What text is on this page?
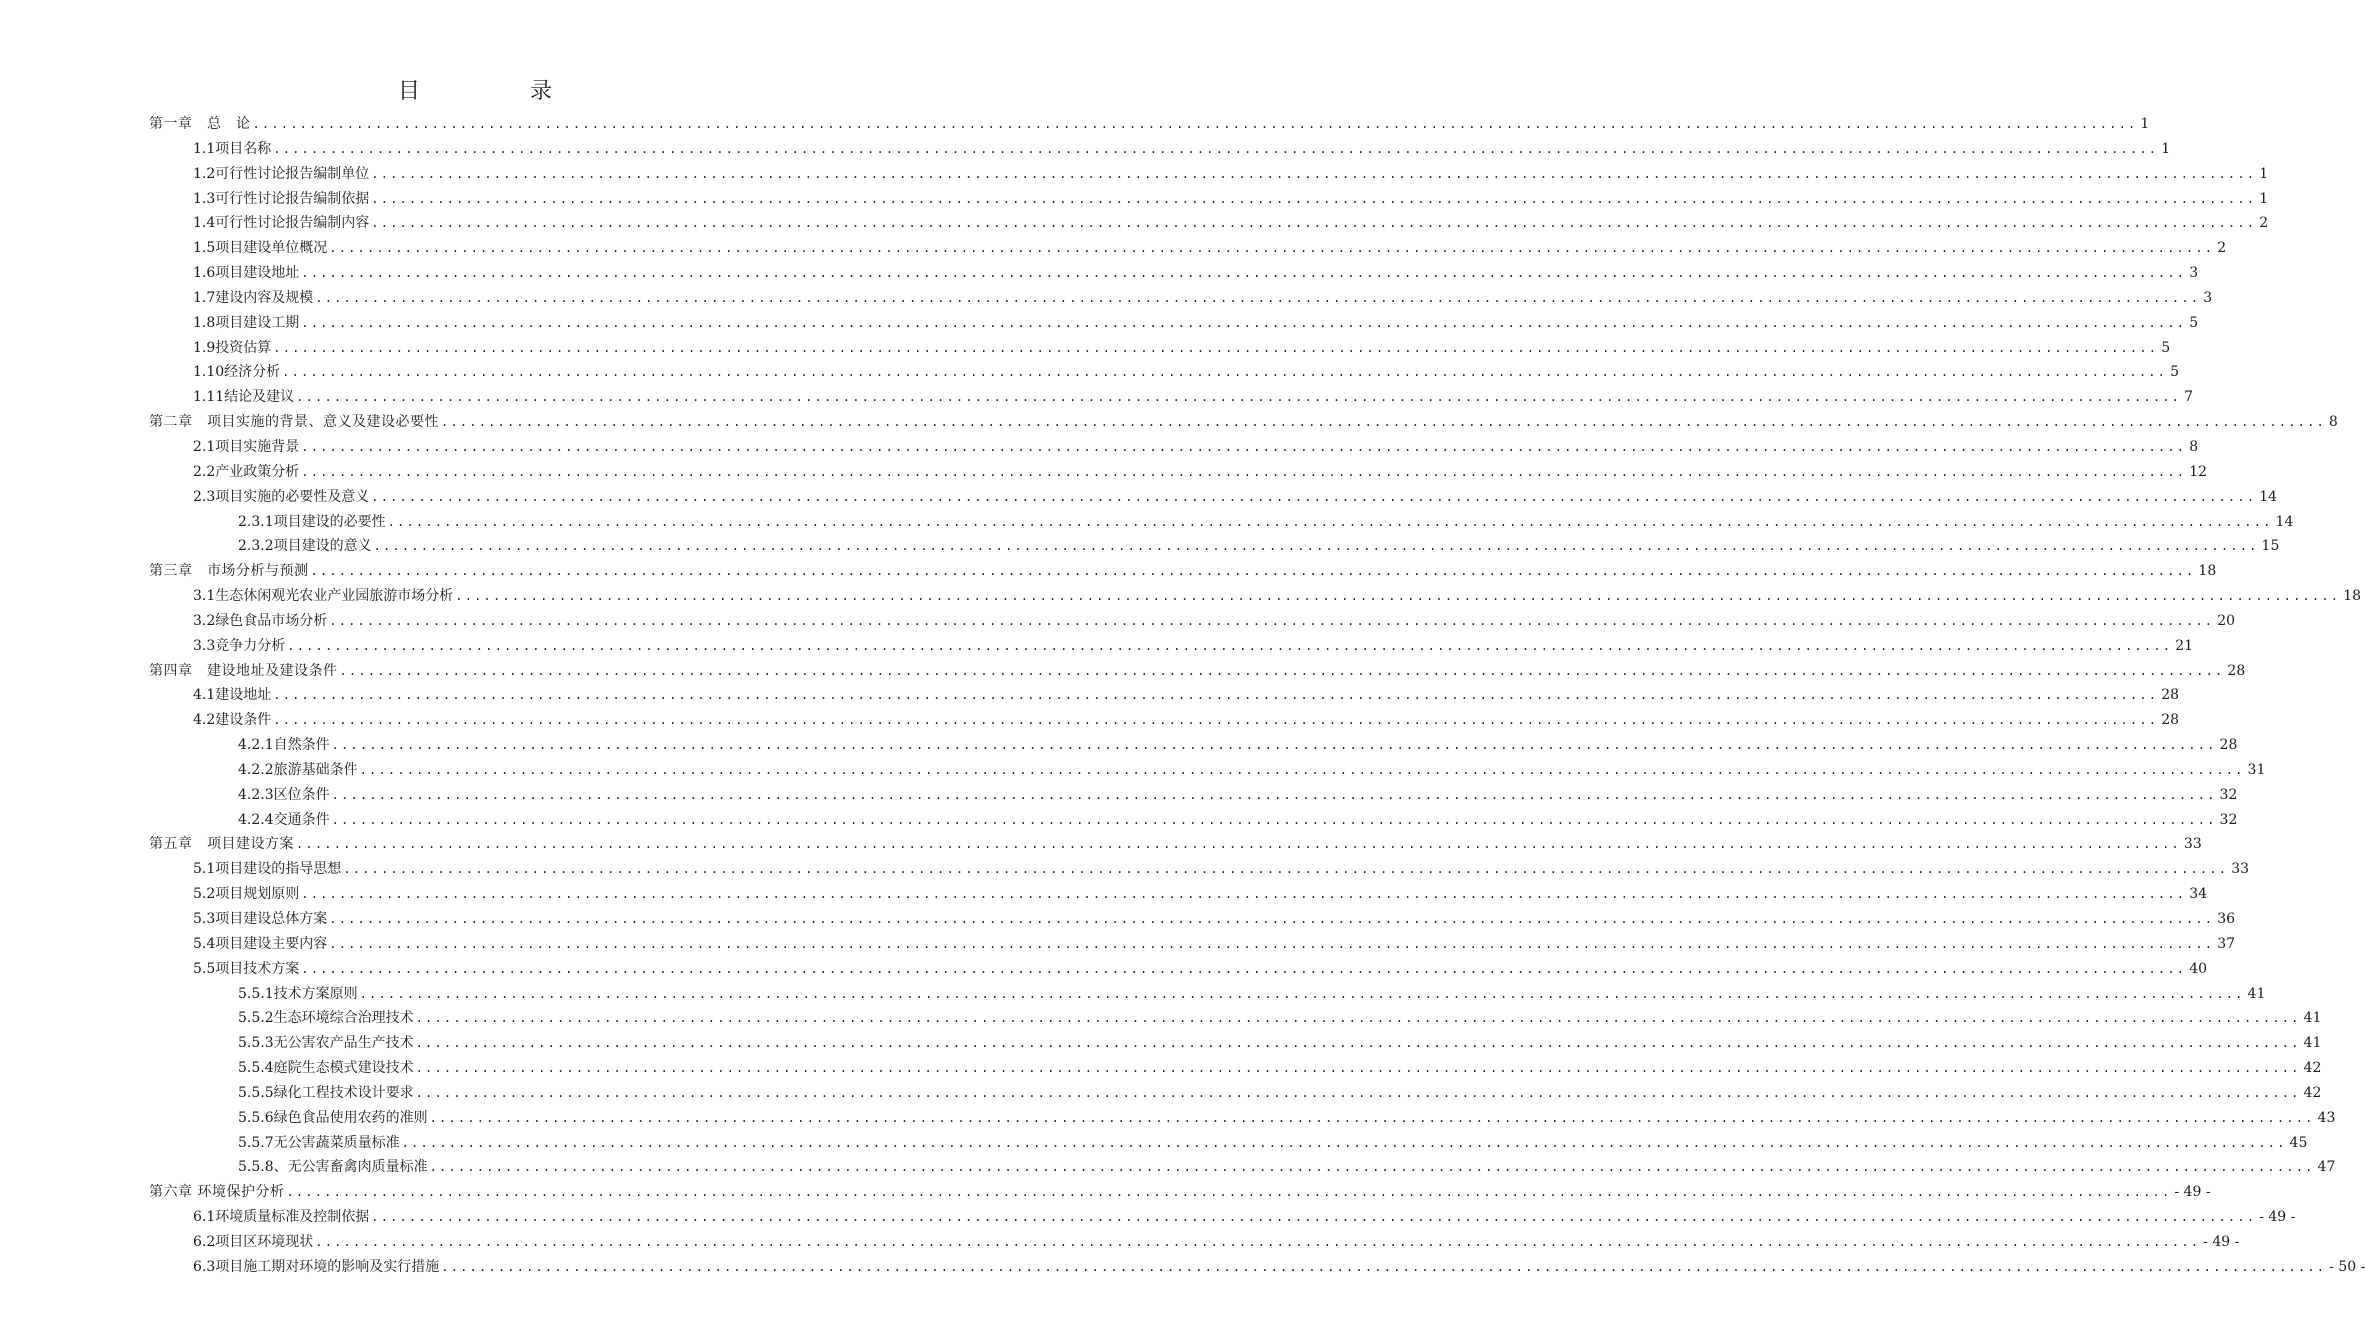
目　录
第一章　总　论 ........................................................................................................................................................................................................ 1
1.1项目名称 ........................................................................................................................................................................................................ 1
1.2可行性讨论报告编制单位 ........................................................................................................................................................................................................ 1
1.3可行性讨论报告编制依据 ........................................................................................................................................................................................................ 1
1.4可行性讨论报告编制内容 ........................................................................................................................................................................................................ 2
1.5项目建设单位概况 ........................................................................................................................................................................................................ 2
1.6项目建设地址 ........................................................................................................................................................................................................ 3
1.7建设内容及规模 ........................................................................................................................................................................................................ 3
1.8项目建设工期 ........................................................................................................................................................................................................ 5
1.9投资估算 ........................................................................................................................................................................................................ 5
1.10经济分析 ........................................................................................................................................................................................................ 5
1.11结论及建议 ........................................................................................................................................................................................................ 7
第二章　项目实施的背景、意义及建设必要性 ........................................................................................................................................................................................................ 8
2.1项目实施背景 ........................................................................................................................................................................................................ 8
2.2产业政策分析 ........................................................................................................................................................................................................ 12
2.3项目实施的必要性及意义 ........................................................................................................................................................................................................ 14
2.3.1项目建设的必要性 ........................................................................................................................................................................................................ 14
2.3.2项目建设的意义 ........................................................................................................................................................................................................ 15
第三章　市场分析与预测 ........................................................................................................................................................................................................ 18
3.1生态休闲观光农业产业园旅游市场分析 ........................................................................................................................................................................................................ 18
3.2绿色食品市场分析 ........................................................................................................................................................................................................ 20
3.3竞争力分析 ........................................................................................................................................................................................................ 21
第四章　建设地址及建设条件 ........................................................................................................................................................................................................ 28
4.1建设地址 ........................................................................................................................................................................................................ 28
4.2建设条件 ........................................................................................................................................................................................................ 28
4.2.1自然条件 ........................................................................................................................................................................................................ 28
4.2.2旅游基础条件 ........................................................................................................................................................................................................ 31
4.2.3区位条件 ........................................................................................................................................................................................................ 32
4.2.4交通条件 ........................................................................................................................................................................................................ 32
第五章　项目建设方案 ........................................................................................................................................................................................................ 33
5.1项目建设的指导思想 ........................................................................................................................................................................................................ 33
5.2项目规划原则 ........................................................................................................................................................................................................ 34
5.3项目建设总体方案 ........................................................................................................................................................................................................ 36
5.4项目建设主要内容 ........................................................................................................................................................................................................ 37
5.5项目技术方案 ........................................................................................................................................................................................................ 40
5.5.1技术方案原则 ........................................................................................................................................................................................................ 41
5.5.2生态环境综合治理技术 ........................................................................................................................................................................................................ 41
5.5.3无公害农产品生产技术 ........................................................................................................................................................................................................ 41
5.5.4庭院生态模式建设技术 ........................................................................................................................................................................................................ 42
5.5.5绿化工程技术设计要求 ........................................................................................................................................................................................................ 42
5.5.6绿色食品使用农药的准则 ........................................................................................................................................................................................................ 43
5.5.7无公害蔬菜质量标准 ........................................................................................................................................................................................................ 45
5.5.8、无公害畜禽肉质量标准 ........................................................................................................................................................................................................ 47
第六章 环境保护分析 ........................................................................................................................................................................................................ - 49 -
6.1环境质量标准及控制依据 ........................................................................................................................................................................................................ - 49 -
6.2项目区环境现状 ........................................................................................................................................................................................................ - 49 -
6.3项目施工期对环境的影响及实行措施 ........................................................................................................................................................................................................ - 50 -
